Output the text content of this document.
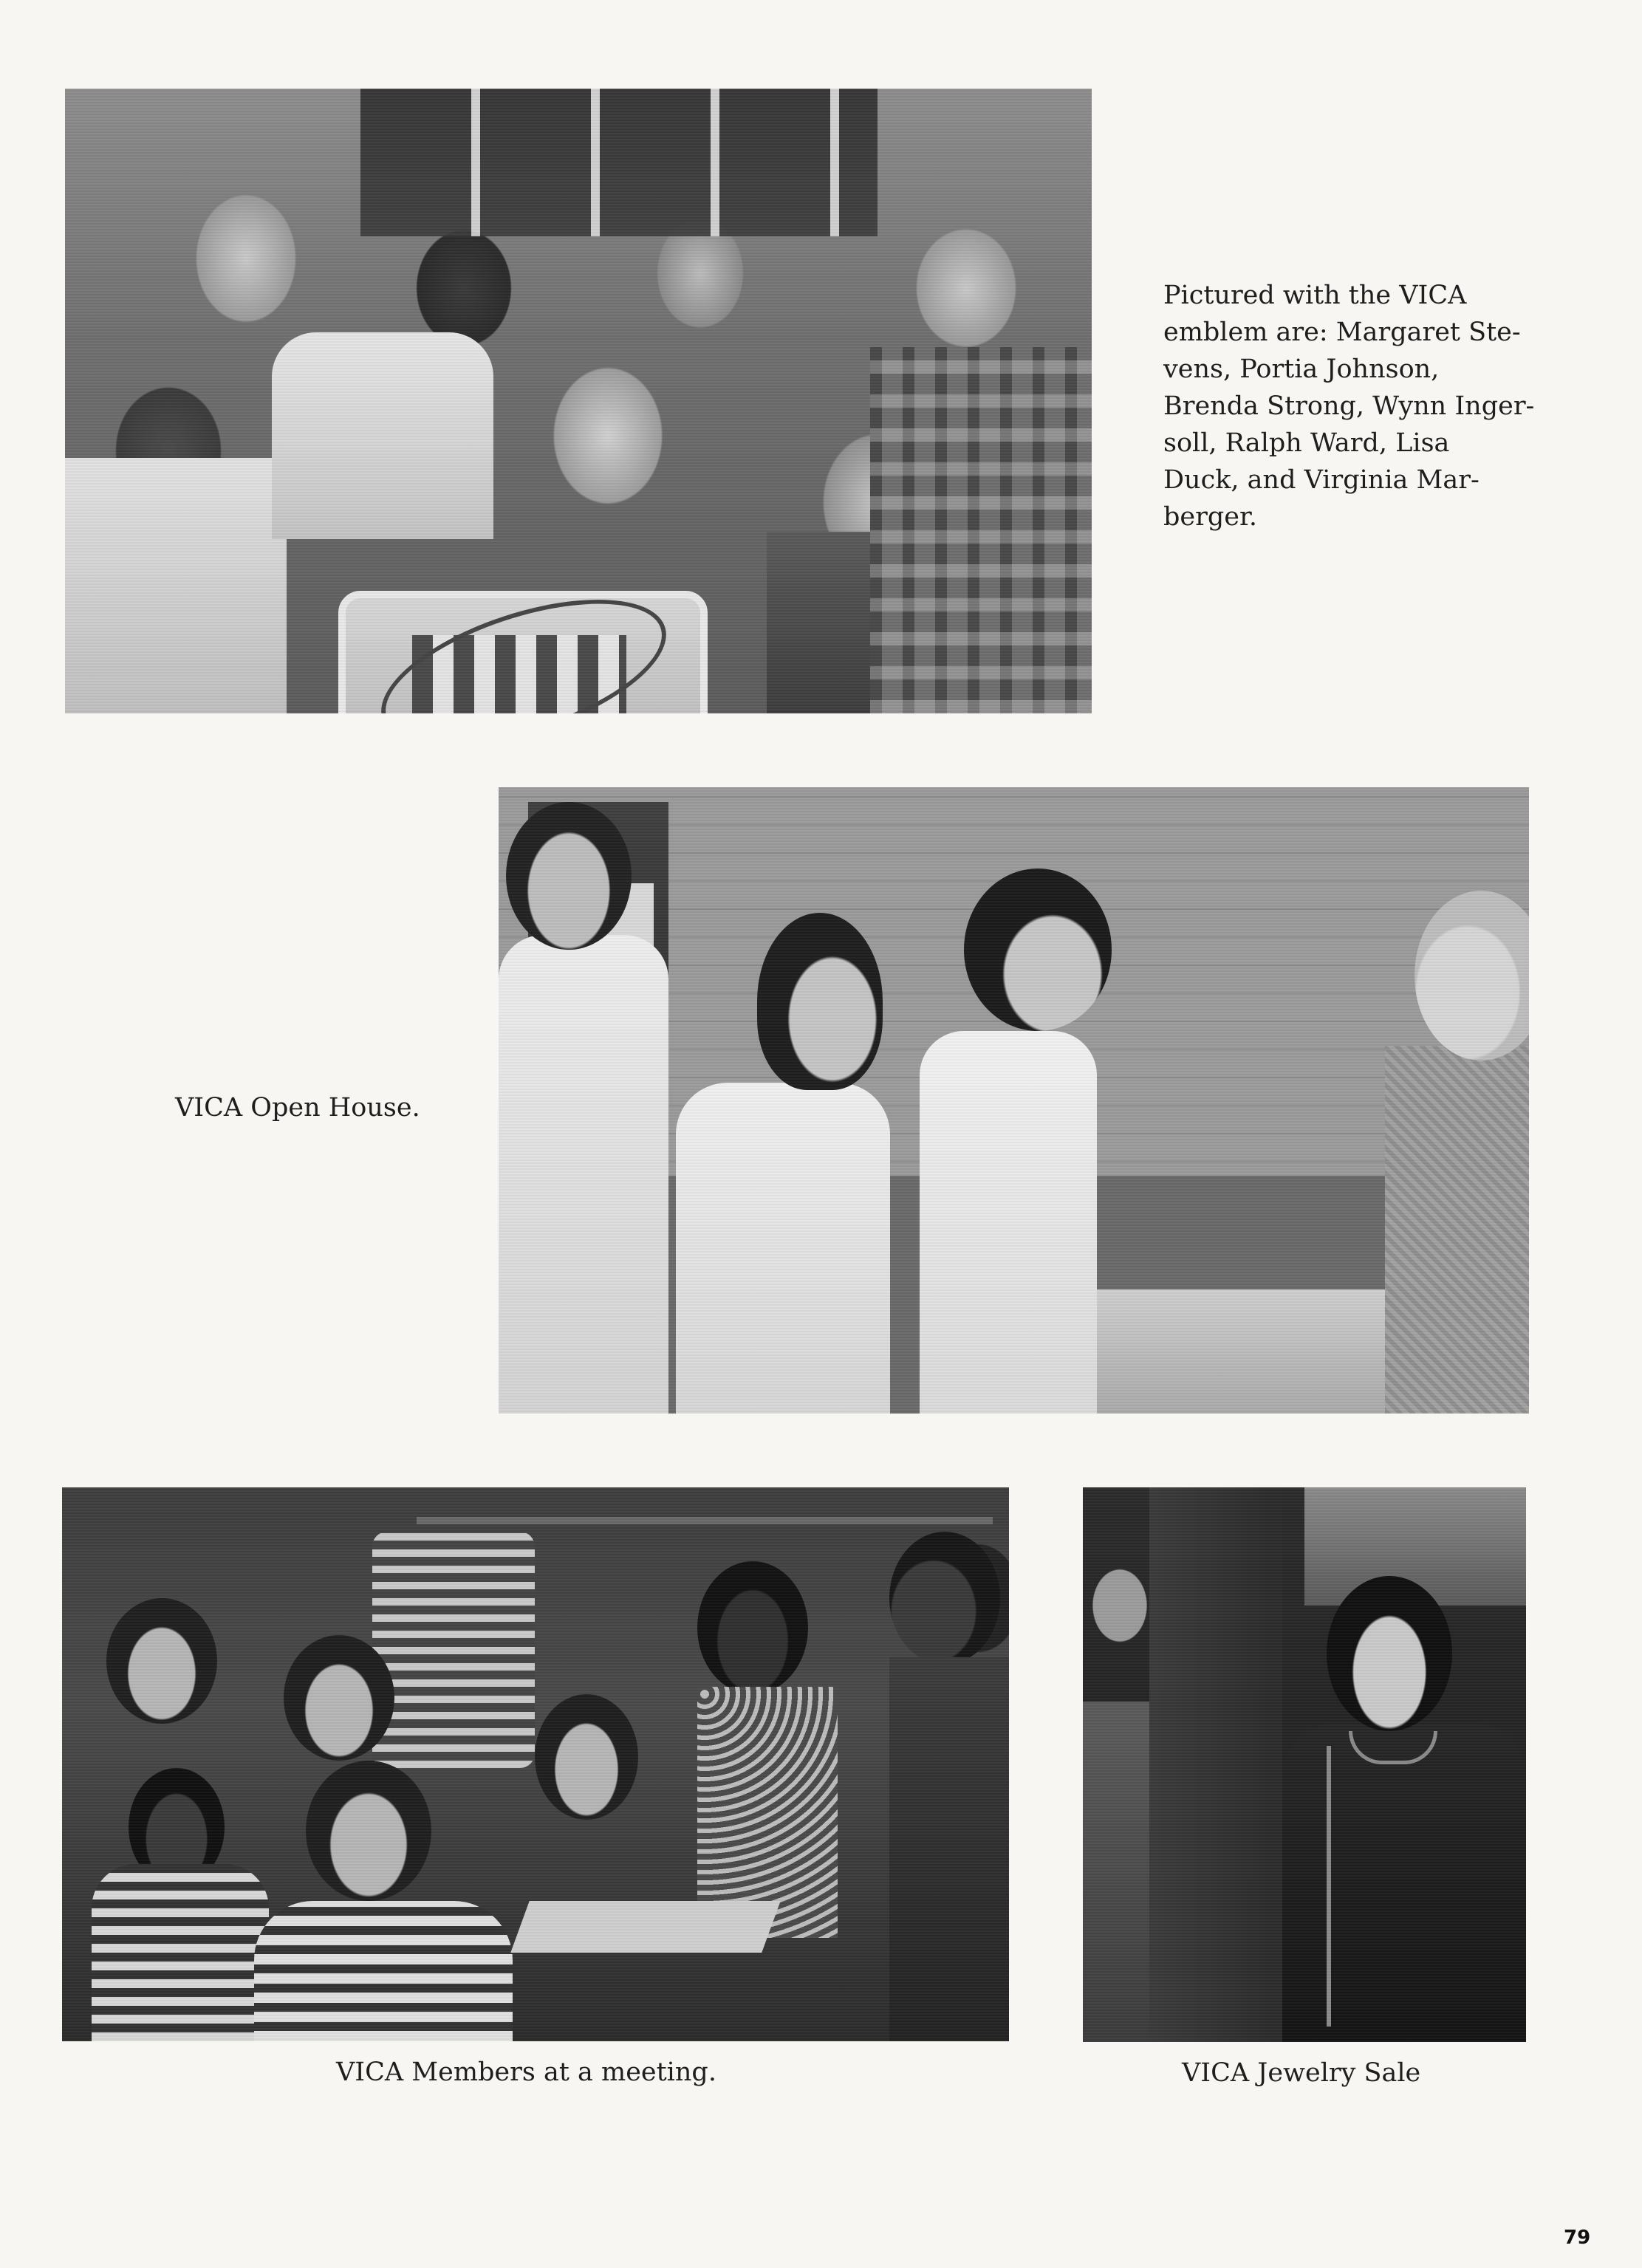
Pictured with the VICA emblem are: Margaret Ste-
vens, Portia Johnson,
Brenda Strong, Wynn Inger-
soll, Ralph Ward, Lisa
Duck, and Virginia Mar-
berger.
VICA Open House.
VICA Members at a meeting.	VICA Jewelry Sale
79
